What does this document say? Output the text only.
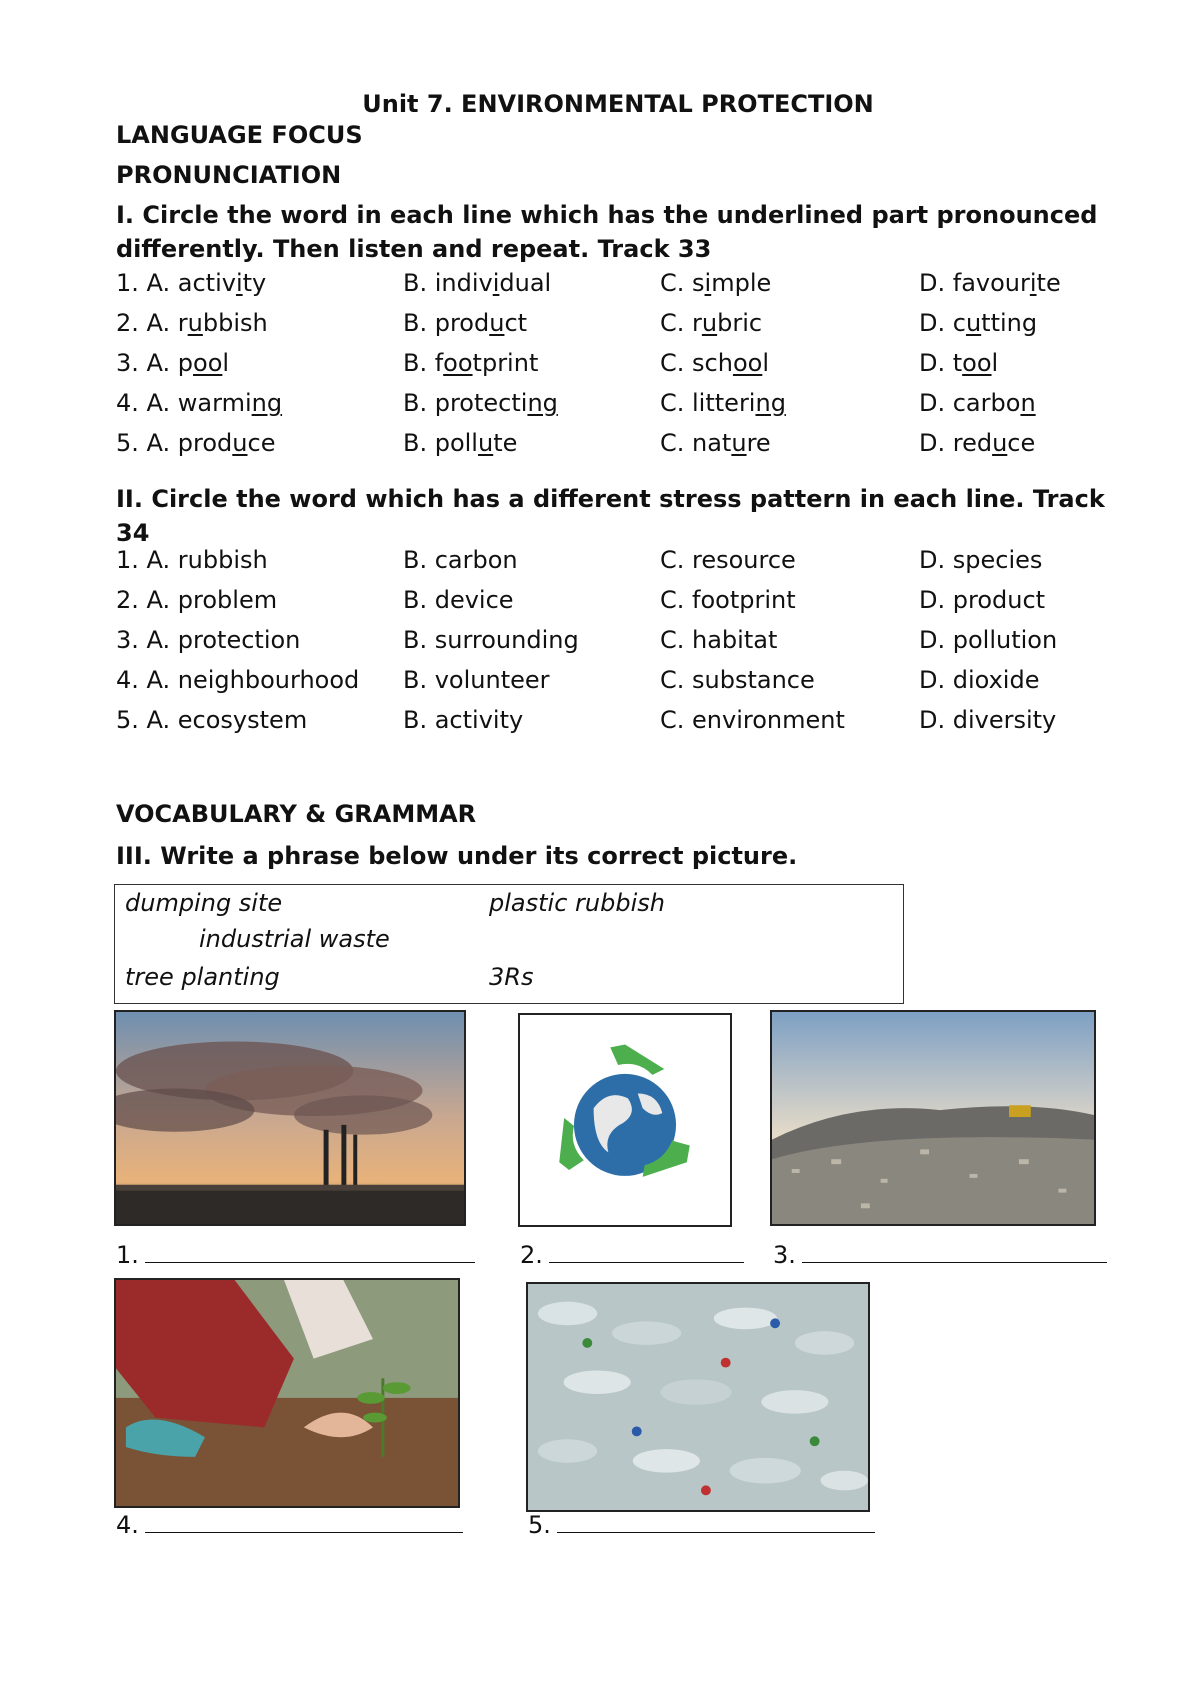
Unit 7. ENVIRONMENTAL PROTECTION
LANGUAGE FOCUS
PRONUNCIATION
I. Circle the word in each line which has the underlined part pronounced
differently. Then listen and repeat. Track 33
1. A. activity	B. individual	C. simple	D. favourite
2. A. rubbish	B. product	C. rubric	D. cutting
3. A. pool	B. footprint	C. school	D. tool
4. A. warming	B. protecting	C. littering	D. carbon
5. A. produce	B. pollute	C. nature	D. reduce
II. Circle the word which has a different stress pattern in each line. Track
34
1. A. rubbish	B. carbon	C. resource	D. species
2. A. problem	B. device	C. footprint	D. product
3. A. protection	B. surrounding	C. habitat	D. pollution
4. A. neighbourhood B. volunteer	C. substance	D. dioxide
5. A. ecosystem	B. activity	C. environment	D. diversity
VOCABULARY & GRAMMAR
III. Write a phrase below under its correct picture.
dumping site	plastic rubbish
industrial waste
tree planting	3Rs
1.	2.	3.
4.	5.
